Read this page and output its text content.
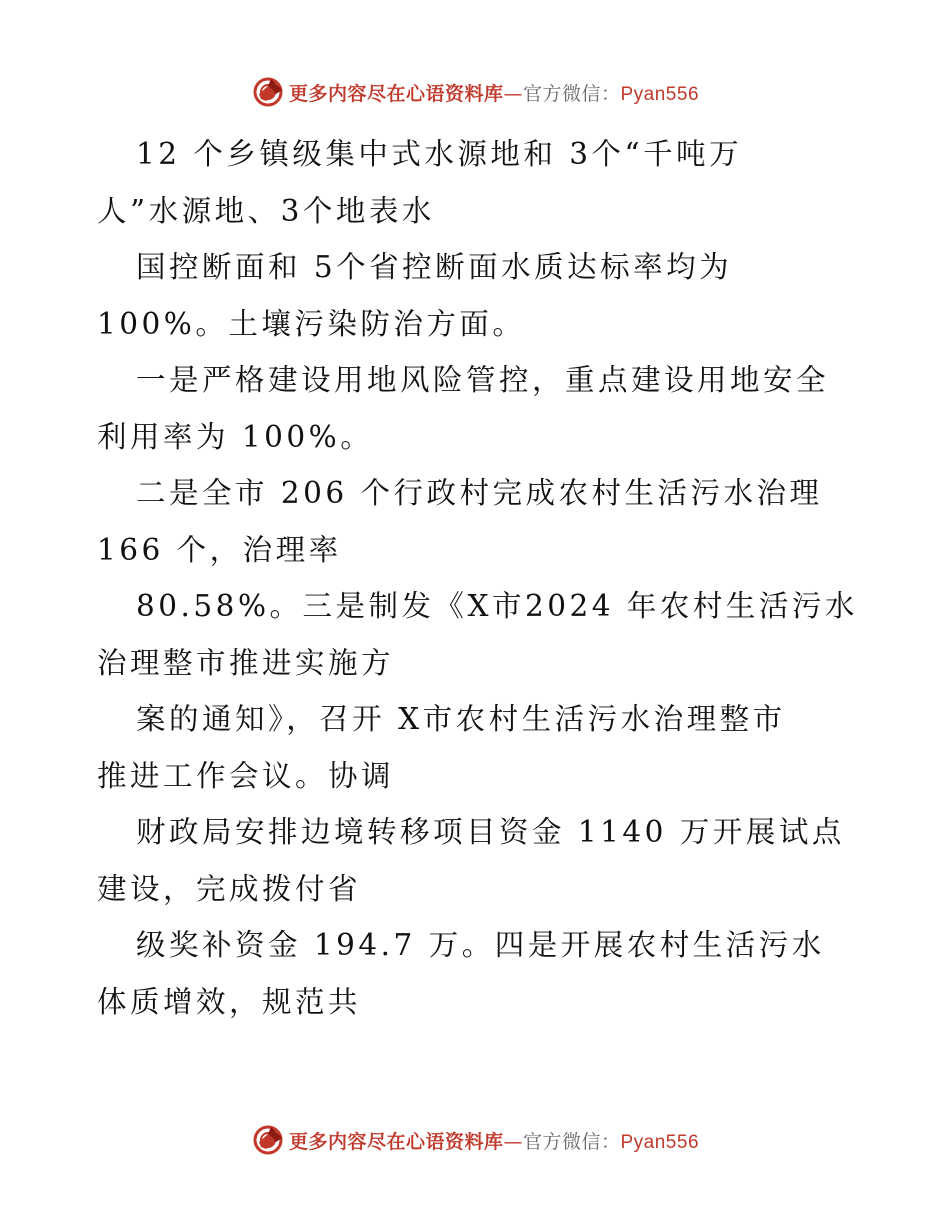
更多内容尽在心语资料库—官方微信：Pyan556
12 个乡镇级集中式水源地和 3个“千吨万
人”水源地、3个地表水
国控断面和 5个省控断面水质达标率均为
100%。土壤污染防治方面。
一是严格建设用地风险管控，重点建设用地安全
利用率为 100%。
二是全市 206 个行政村完成农村生活污水治理
166 个，治理率
80.58%。三是制发《X市2024 年农村生活污水
治理整市推进实施方
案的通知》，召开 X市农村生活污水治理整市
推进工作会议。协调
财政局安排边境转移项目资金 1140 万开展试点
建设，完成拨付省
级奖补资金 194.7 万。四是开展农村生活污水
体质增效，规范共
更多内容尽在心语资料库—官方微信：Pyan556
